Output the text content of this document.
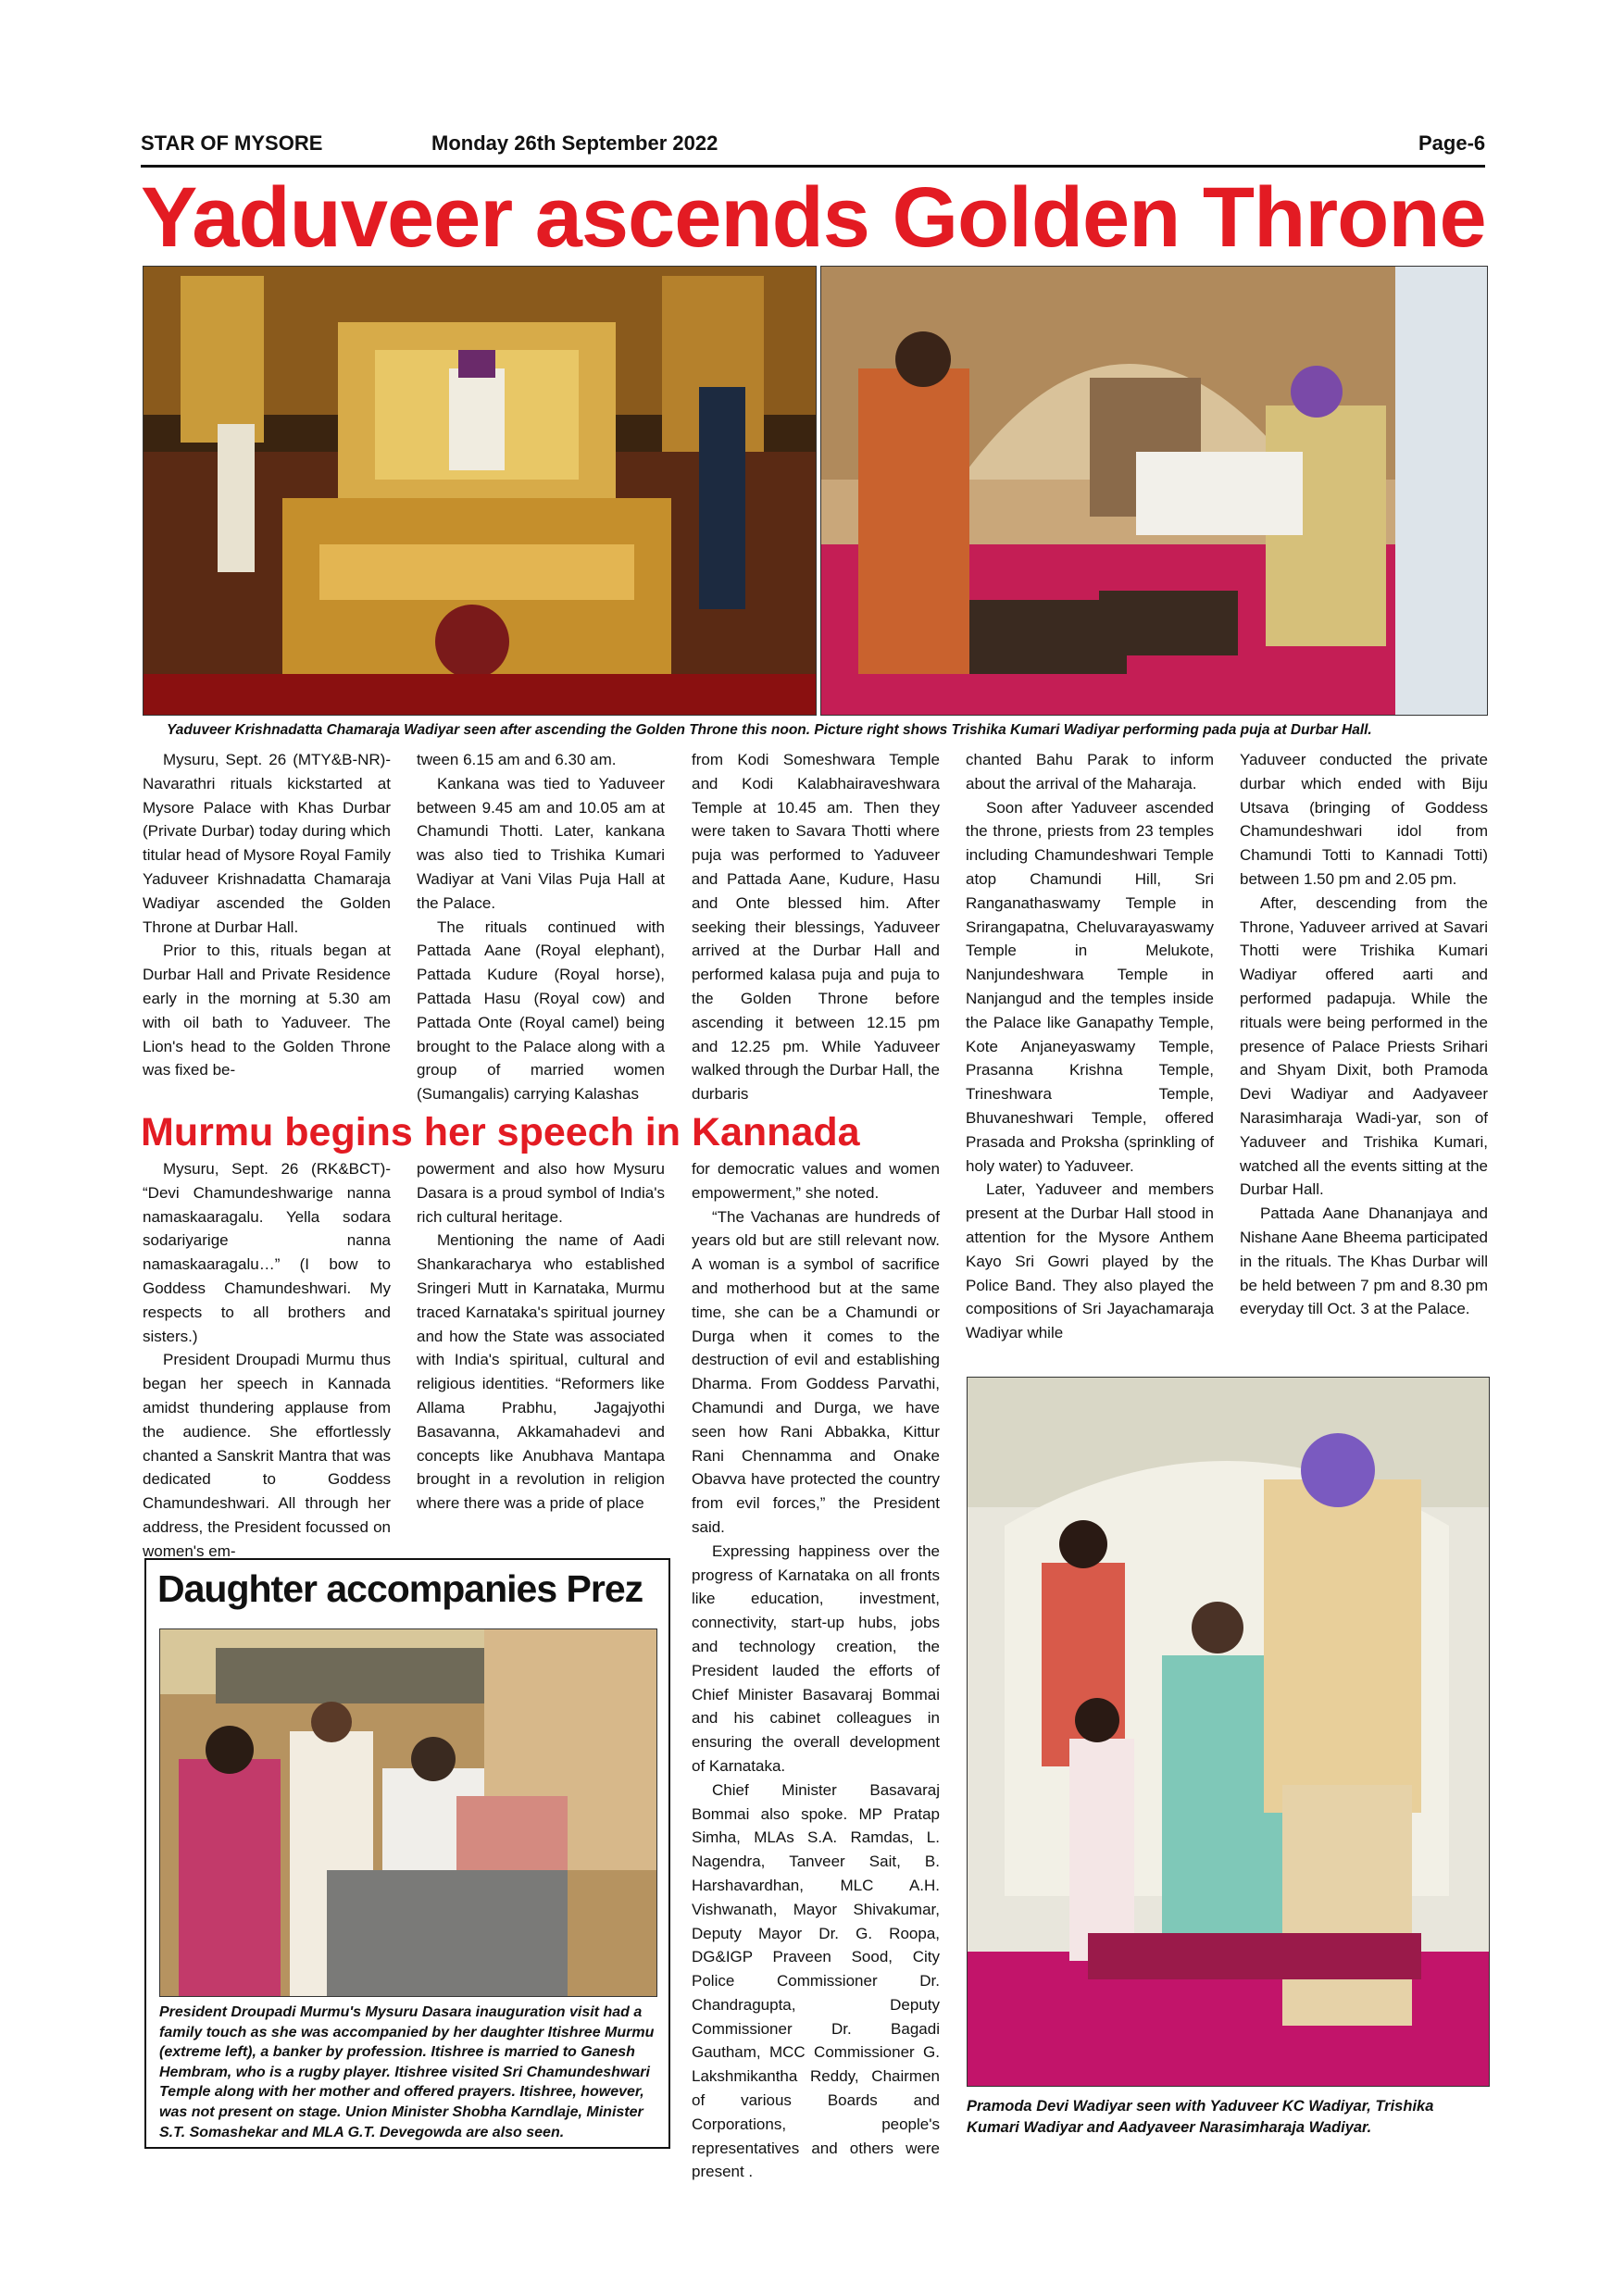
STAR OF MYSORE	Monday 26th September 2022	Page-6
Yaduveer ascends Golden Throne
Yaduveer Krishnadatta Chamaraja Wadiyar seen after ascending the Golden Throne this noon. Picture right shows Trishika Kumari Wadiyar performing pada puja at Durbar Hall.

Mysuru, Sept. 26 (MTY&B-NR)- Navarathri rituals kickstarted at Mysore Palace with Khas Durbar (Private Durbar) today during which titular head of Mysore Royal Family Yaduveer Krishnadatta Chamaraja Wadiyar ascended the Golden Throne at Durbar Hall.

Prior to this, rituals began at Durbar Hall and Private Residence early in the morning at 5.30 am with oil bath to Yaduveer. The Lion's head to the Golden Throne was fixed be-

tween 6.15 am and 6.30 am.

Kankana was tied to Yaduveer between 9.45 am and 10.05 am at Chamundi Thotti. Later, kankana was also tied to Trishika Kumari Wadiyar at Vani Vilas Puja Hall at the Palace.

The rituals continued with Pattada Aane (Royal elephant), Pattada Kudure (Royal horse), Pattada Hasu (Royal cow) and Pattada Onte (Royal camel) being brought to the Palace along with a group of married women (Sumangalis) carrying Kalashas

from Kodi Someshwara Temple and Kodi Kalabhairaveshwara Temple at 10.45 am. Then they were taken to Savara Thotti where puja was performed to Yaduveer and Pattada Aane, Kudure, Hasu and Onte blessed him. After seeking their blessings, Yaduveer arrived at the Durbar Hall and performed kalasa puja and puja to the Golden Throne before ascending it between 12.15 pm and 12.25 pm. While Yaduveer walked through the Durbar Hall, the durbaris

chanted Bahu Parak to inform about the arrival of the Maharaja.

Soon after Yaduveer ascended the throne, priests from 23 temples including Chamundeshwari Temple atop Chamundi Hill, Sri Ranganathaswamy Temple in Srirangapatna, Cheluvarayaswamy Temple in Melukote, Nanjundeshwara Temple in Nanjangud and the temples inside the Palace like Ganapathy Temple, Kote Anjaneyaswamy Temple, Prasanna Krishna Temple, Trineshwara Temple, Bhuvaneshwari Temple, offered Prasada and Proksha (sprinkling of holy water) to Yaduveer.

Later, Yaduveer and members present at the Durbar Hall stood in attention for the Mysore Anthem Kayo Sri Gowri played by the Police Band. They also played the compositions of Sri Jayachamaraja Wadiyar while

Yaduveer conducted the private durbar which ended with Biju Utsava (bringing of Goddess Chamundeshwari idol from Chamundi Totti to Kannadi Totti) between 1.50 pm and 2.05 pm.

After, descending from the Throne, Yaduveer arrived at Savari Thotti were Trishika Kumari Wadiyar offered aarti and performed padapuja. While the rituals were being performed in the presence of Palace Priests Srihari and Shyam Dixit, both Pramoda Devi Wadiyar and Aadyaveer Narasimharaja Wadi-yar, son of Yaduveer and Trishika Kumari, watched all the events sitting at the Durbar Hall.

Pattada Aane Dhananjaya and Nishane Aane Bheema participated in the rituals. The Khas Durbar will be held between 7 pm and 8.30 pm everyday till Oct. 3 at the Palace.

Murmu begins her speech in Kannada

Mysuru, Sept. 26 (RK&BCT)- “Devi Chamundeshwarige nanna namaskaaragalu. Yella sodara sodariyarige nanna namaskaaragalu…” (I bow to Goddess Chamundeshwari. My respects to all brothers and sisters.)

President Droupadi Murmu thus began her speech in Kannada amidst thundering applause from the audience. She effortlessly chanted a Sanskrit Mantra that was dedicated to Goddess Chamundeshwari. All through her address, the President focussed on women's em-

powerment and also how Mysuru Dasara is a proud symbol of India's rich cultural heritage.

Mentioning the name of Aadi Shankaracharya who established Sringeri Mutt in Karnataka, Murmu traced Karnataka's spiritual journey and how the State was associated with India's spiritual, cultural and religious identities. “Reformers like Allama Prabhu, Jagajyothi Basavanna, Akkamahadevi and concepts like Anubhava Mantapa brought in a revolution in religion where there was a pride of place

for democratic values and women empowerment,” she noted.

“The Vachanas are hundreds of years old but are still relevant now. A woman is a symbol of sacrifice and motherhood but at the same time, she can be a Chamundi or Durga when it comes to the destruction of evil and establishing Dharma. From Goddess Parvathi, Chamundi and Durga, we have seen how Rani Abbakka, Kittur Rani Chennamma and Onake Obavva have protected the country from evil forces,” the President said.

Expressing happiness over the progress of Karnataka on all fronts like education, investment, connectivity, start-up hubs, jobs and technology creation, the President lauded the efforts of Chief Minister Basavaraj Bommai and his cabinet colleagues in ensuring the overall development of Karnataka.

Chief Minister Basavaraj Bommai also spoke. MP Pratap Simha, MLAs S.A. Ramdas, L. Nagendra, Tanveer Sait, B. Harshavardhan, MLC A.H. Vishwanath, Mayor Shivakumar, Deputy Mayor Dr. G. Roopa, DG&IGP Praveen Sood, City Police Commissioner Dr. Chandragupta, Deputy Commissioner Dr. Bagadi Gautham, MCC Commissioner G. Lakshmikantha Reddy, Chairmen of various Boards and Corporations, people's representatives and others were present .

Daughter accompanies Prez
President Droupadi Murmu's Mysuru Dasara inauguration visit had a family touch as she was accompanied by her daughter Itishree Murmu (extreme left), a banker by profession. Itishree is married to Ganesh Hembram, who is a rugby player. Itishree visited Sri Chamundeshwari Temple along with her mother and offered prayers. Itishree, however, was not present on stage. Union Minister Shobha Karndlaje, Minister S.T. Somashekar and MLA G.T. Devegowda are also seen.
Pramoda Devi Wadiyar seen with Yaduveer KC Wadiyar, Trishika Kumari Wadiyar and Aadyaveer Narasimharaja Wadiyar.
